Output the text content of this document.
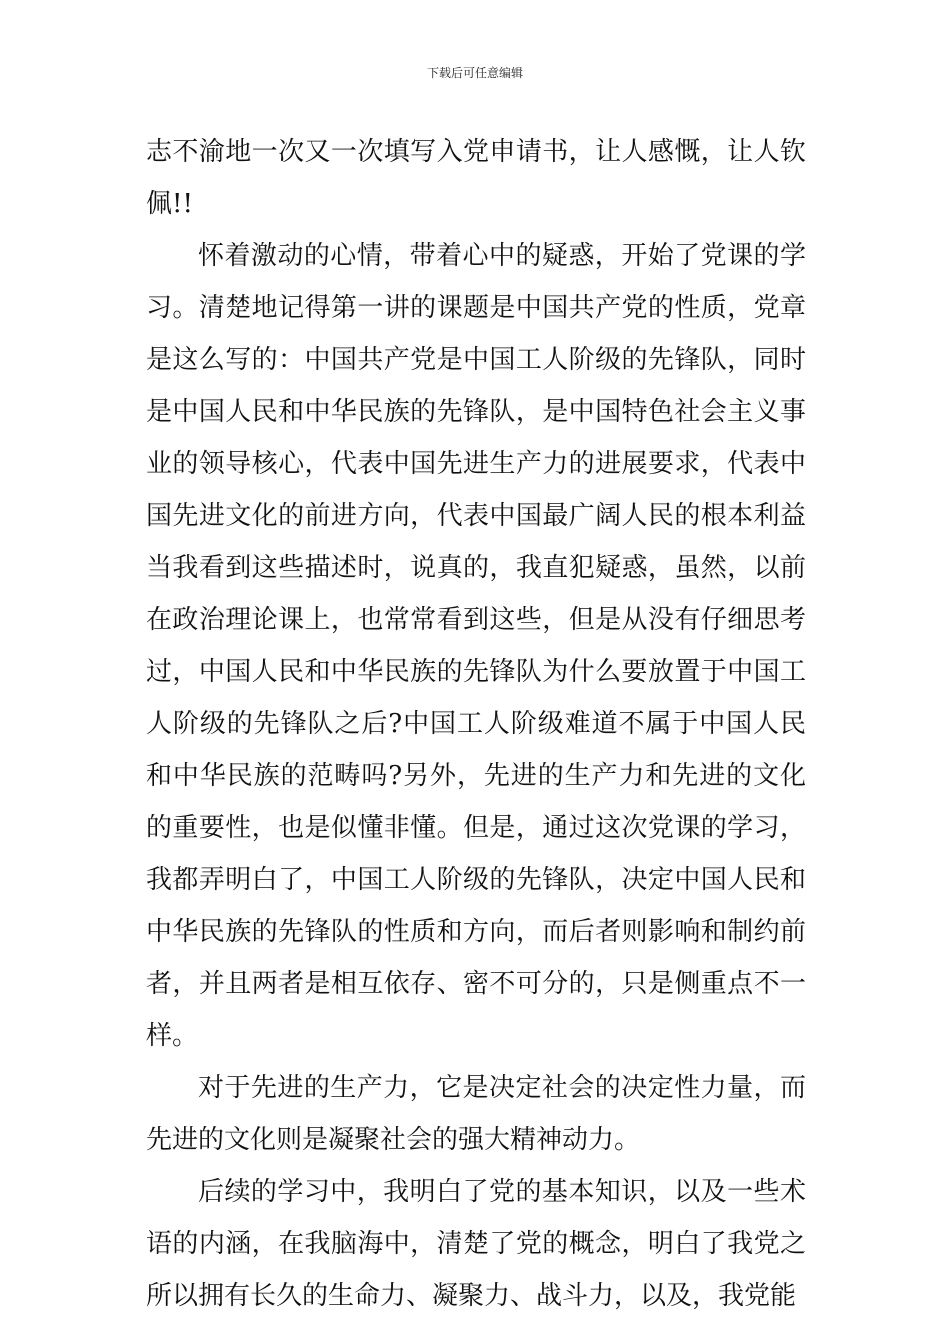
下载后可任意编辑

志不渝地一次又一次填写入党申请书，让人感慨，让人钦佩!!

怀着激动的心情，带着心中的疑惑，开始了党课的学习。清楚地记得第一讲的课题是中国共产党的性质，党章是这么写的：中国共产党是中国工人阶级的先锋队，同时是中国人民和中华民族的先锋队，是中国特色社会主义事业的领导核心，代表中国先进生产力的进展要求，代表中国先进文化的前进方向，代表中国最广阔人民的根本利益当我看到这些描述时，说真的，我直犯疑惑，虽然，以前在政治理论课上，也常常看到这些，但是从没有仔细思考过，中国人民和中华民族的先锋队为什么要放置于中国工人阶级的先锋队之后?中国工人阶级难道不属于中国人民和中华民族的范畴吗?另外，先进的生产力和先进的文化的重要性，也是似懂非懂。但是，通过这次党课的学习，我都弄明白了，中国工人阶级的先锋队，决定中国人民和中华民族的先锋队的性质和方向，而后者则影响和制约前者，并且两者是相互依存、密不可分的，只是侧重点不一样。

对于先进的生产力，它是决定社会的决定性力量，而先进的文化则是凝聚社会的强大精神动力。

后续的学习中，我明白了党的基本知识，以及一些术语的内涵，在我脑海中，清楚了党的概念，明白了我党之所以拥有长久的生命力、凝聚力、战斗力，以及，我党能
